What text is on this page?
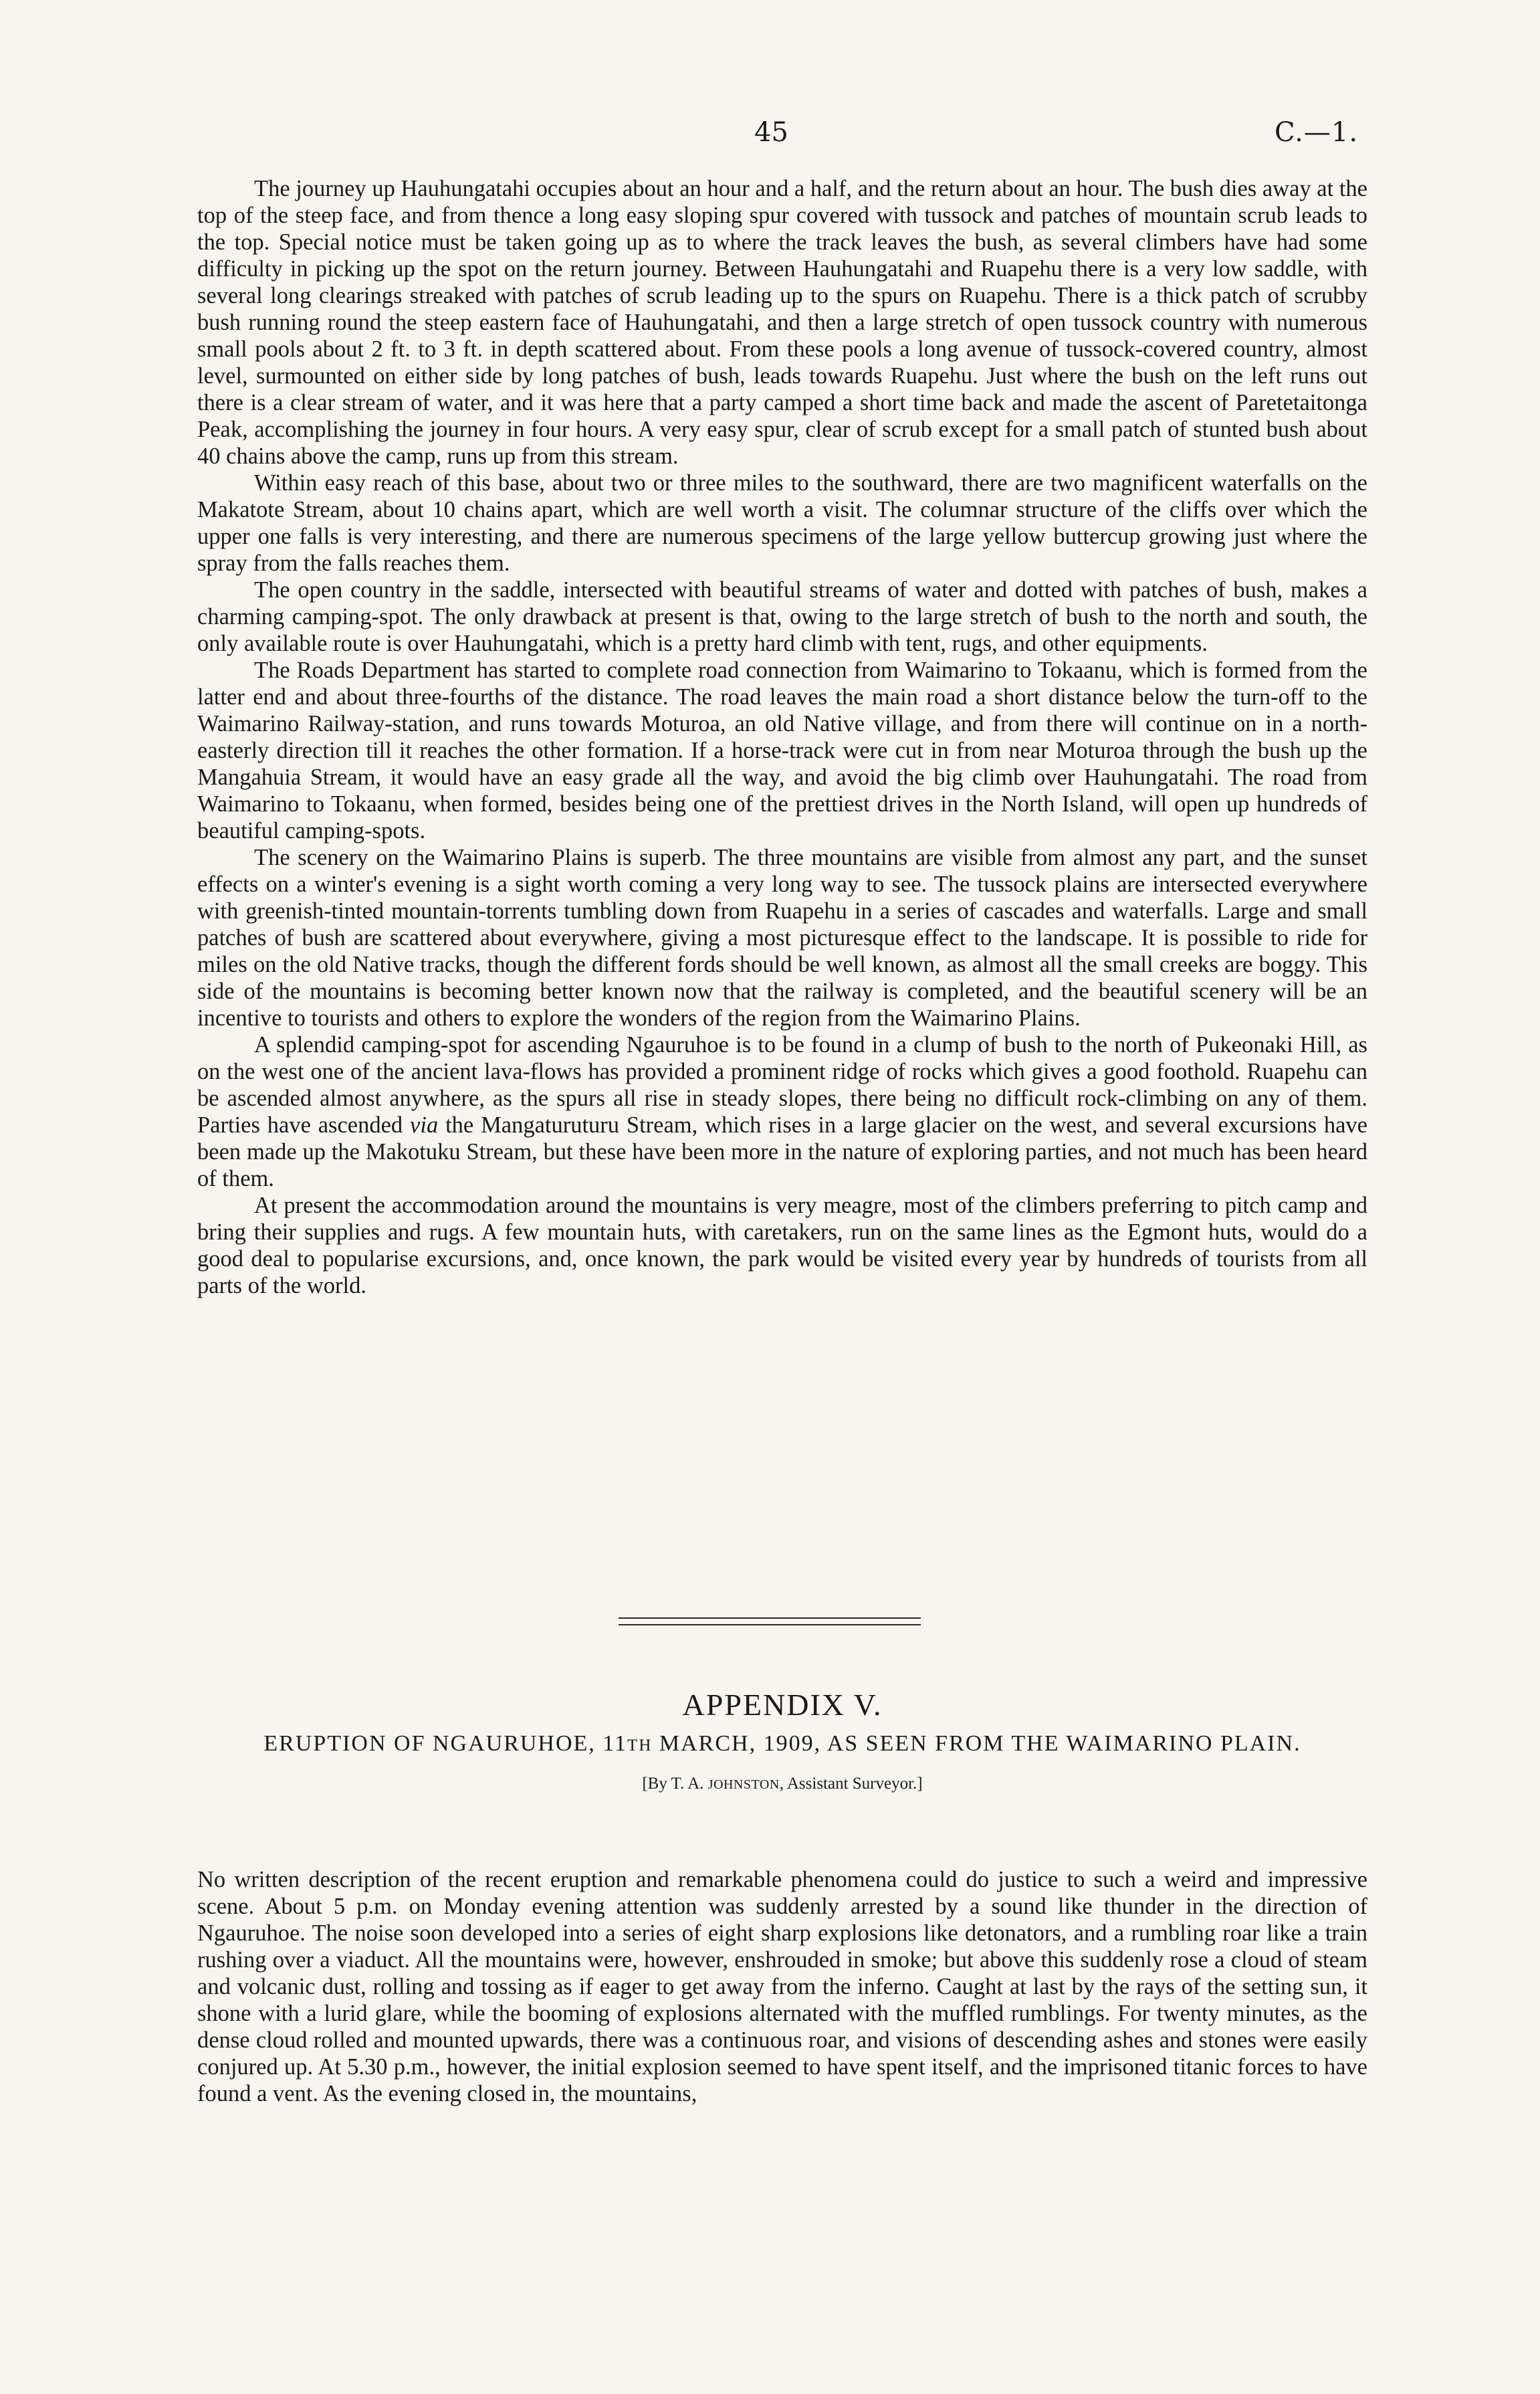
45	C.—1.

The journey up Hauhungatahi occupies about an hour and a half, and the return about an hour. The bush dies away at the top of the steep face, and from thence a long easy sloping spur covered with tussock and patches of mountain scrub leads to the top. Special notice must be taken going up as to where the track leaves the bush, as several climbers have had some difficulty in picking up the spot on the return journey. Between Hauhungatahi and Ruapehu there is a very low saddle, with several long clearings streaked with patches of scrub leading up to the spurs on Ruapehu. There is a thick patch of scrubby bush running round the steep eastern face of Hauhungatahi, and then a large stretch of open tussock country with numerous small pools about 2 ft. to 3 ft. in depth scattered about. From these pools a long avenue of tussock-covered country, almost level, surmounted on either side by long patches of bush, leads towards Ruapehu. Just where the bush on the left runs out there is a clear stream of water, and it was here that a party camped a short time back and made the ascent of Paretetaitonga Peak, accomplishing the journey in four hours. A very easy spur, clear of scrub except for a small patch of stunted bush about 40 chains above the camp, runs up from this stream.

Within easy reach of this base, about two or three miles to the southward, there are two magnificent waterfalls on the Makatote Stream, about 10 chains apart, which are well worth a visit. The columnar structure of the cliffs over which the upper one falls is very interesting, and there are numerous specimens of the large yellow buttercup growing just where the spray from the falls reaches them.

The open country in the saddle, intersected with beautiful streams of water and dotted with patches of bush, makes a charming camping-spot. The only drawback at present is that, owing to the large stretch of bush to the north and south, the only available route is over Hauhungatahi, which is a pretty hard climb with tent, rugs, and other equipments.

The Roads Department has started to complete road connection from Waimarino to Tokaanu, which is formed from the latter end and about three-fourths of the distance. The road leaves the main road a short distance below the turn-off to the Waimarino Railway-station, and runs towards Moturoa, an old Native village, and from there will continue on in a north-easterly direction till it reaches the other formation. If a horse-track were cut in from near Moturoa through the bush up the Mangahuia Stream, it would have an easy grade all the way, and avoid the big climb over Hauhungatahi. The road from Waimarino to Tokaanu, when formed, besides being one of the prettiest drives in the North Island, will open up hundreds of beautiful camping-spots.

The scenery on the Waimarino Plains is superb. The three mountains are visible from almost any part, and the sunset effects on a winter's evening is a sight worth coming a very long way to see. The tussock plains are intersected everywhere with greenish-tinted mountain-torrents tumbling down from Ruapehu in a series of cascades and waterfalls. Large and small patches of bush are scattered about everywhere, giving a most picturesque effect to the landscape. It is possible to ride for miles on the old Native tracks, though the different fords should be well known, as almost all the small creeks are boggy. This side of the mountains is becoming better known now that the railway is completed, and the beautiful scenery will be an incentive to tourists and others to explore the wonders of the region from the Waimarino Plains.

A splendid camping-spot for ascending Ngauruhoe is to be found in a clump of bush to the north of Pukeonaki Hill, as on the west one of the ancient lava-flows has provided a prominent ridge of rocks which gives a good foothold. Ruapehu can be ascended almost anywhere, as the spurs all rise in steady slopes, there being no difficult rock-climbing on any of them. Parties have ascended via the Mangaturuturu Stream, which rises in a large glacier on the west, and several excursions have been made up the Makotuku Stream, but these have been more in the nature of exploring parties, and not much has been heard of them.

At present the accommodation around the mountains is very meagre, most of the climbers preferring to pitch camp and bring their supplies and rugs. A few mountain huts, with caretakers, run on the same lines as the Egmont huts, would do a good deal to popularise excursions, and, once known, the park would be visited every year by hundreds of tourists from all parts of the world.

APPENDIX V.
ERUPTION OF NGAURUHOE, 11TH MARCH, 1909, AS SEEN FROM THE WAIMARINO PLAIN.
[By T. A. JOHNSTON, Assistant Surveyor.]

No written description of the recent eruption and remarkable phenomena could do justice to such a weird and impressive scene. About 5 p.m. on Monday evening attention was suddenly arrested by a sound like thunder in the direction of Ngauruhoe. The noise soon developed into a series of eight sharp explosions like detonators, and a rumbling roar like a train rushing over a viaduct. All the mountains were, however, enshrouded in smoke; but above this suddenly rose a cloud of steam and volcanic dust, rolling and tossing as if eager to get away from the inferno. Caught at last by the rays of the setting sun, it shone with a lurid glare, while the booming of explosions alternated with the muffled rumblings. For twenty minutes, as the dense cloud rolled and mounted upwards, there was a continuous roar, and visions of descending ashes and stones were easily conjured up. At 5.30 p.m., however, the initial explosion seemed to have spent itself, and the imprisoned titanic forces to have found a vent. As the evening closed in, the mountains,
